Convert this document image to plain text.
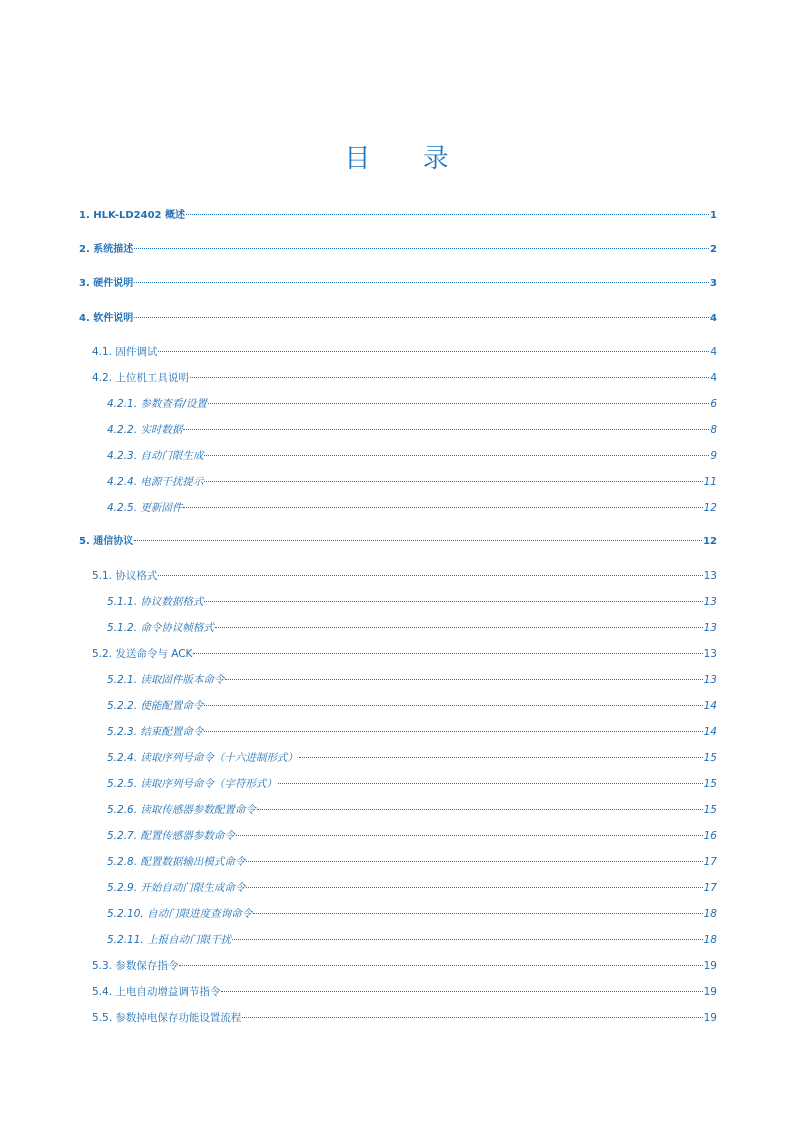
目 录
1. HLK-LD2402 概述	1
2. 系统描述	2
3. 硬件说明	3
4. 软件说明	4
4.1. 固件调试	4
4.2. 上位机工具说明	4
4.2.1. 参数查看/设置	6
4.2.2. 实时数据	8
4.2.3. 自动门限生成	9
4.2.4. 电源干扰提示	11
4.2.5. 更新固件	12
5. 通信协议	12
5.1. 协议格式	13
5.1.1. 协议数据格式	13
5.1.2. 命令协议帧格式	13
5.2. 发送命令与 ACK	13
5.2.1. 读取固件版本命令	13
5.2.2. 使能配置命令	14
5.2.3. 结束配置命令	14
5.2.4. 读取序列号命令（十六进制形式）	15
5.2.5. 读取序列号命令（字符形式）	15
5.2.6. 读取传感器参数配置命令	15
5.2.7. 配置传感器参数命令	16
5.2.8. 配置数据输出模式命令	17
5.2.9. 开始自动门限生成命令	17
5.2.10. 自动门限进度查询命令	18
5.2.11. 上报自动门限干扰	18
5.3. 参数保存指令	19
5.4. 上电自动增益调节指令	19
5.5. 参数掉电保存功能设置流程	19
